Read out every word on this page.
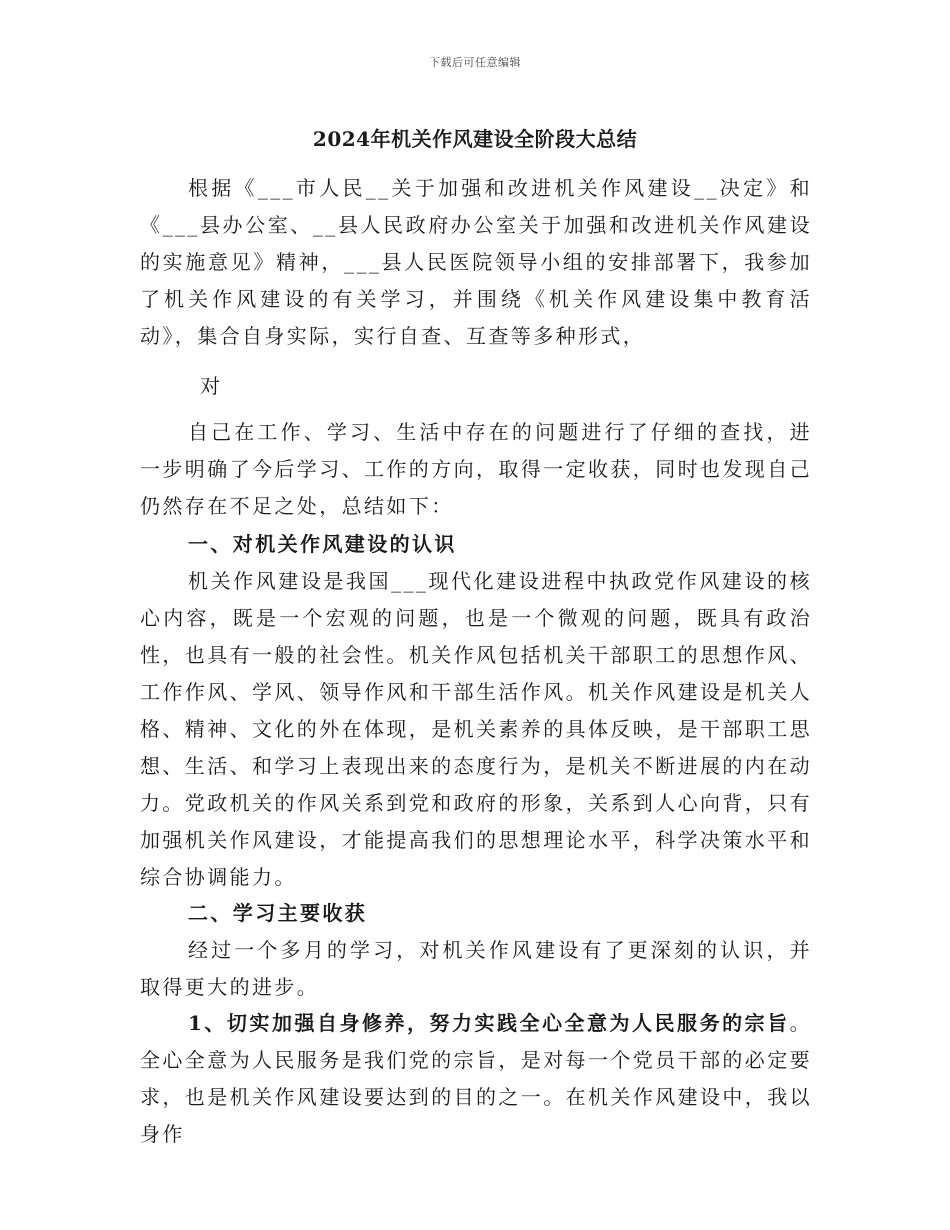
下载后可任意编辑
2024年机关作风建设全阶段大总结

根据《___市人民__关于加强和改进机关作风建设__决定》和《___县办公室、__县人民政府办公室关于加强和改进机关作风建设的实施意见》精神，___县人民医院领导小组的安排部署下，我参加了机关作风建设的有关学习，并围绕《机关作风建设集中教育活动》，集合自身实际，实行自查、互查等多种形式，

对

自己在工作、学习、生活中存在的问题进行了仔细的查找，进一步明确了今后学习、工作的方向，取得一定收获，同时也发现自己仍然存在不足之处，总结如下：

一、对机关作风建设的认识

机关作风建设是我国___现代化建设进程中执政党作风建设的核心内容，既是一个宏观的问题，也是一个微观的问题，既具有政治性，也具有一般的社会性。机关作风包括机关干部职工的思想作风、工作作风、学风、领导作风和干部生活作风。机关作风建设是机关人格、精神、文化的外在体现，是机关素养的具体反映，是干部职工思想、生活、和学习上表现出来的态度行为，是机关不断进展的内在动力。党政机关的作风关系到党和政府的形象，关系到人心向背，只有加强机关作风建设，才能提高我们的思想理论水平，科学决策水平和综合协调能力。

二、学习主要收获

经过一个多月的学习，对机关作风建设有了更深刻的认识，并取得更大的进步。

1、切实加强自身修养，努力实践全心全意为人民服务的宗旨。全心全意为人民服务是我们党的宗旨，是对每一个党员干部的必定要求，也是机关作风建设要达到的目的之一。在机关作风建设中，我以身作
